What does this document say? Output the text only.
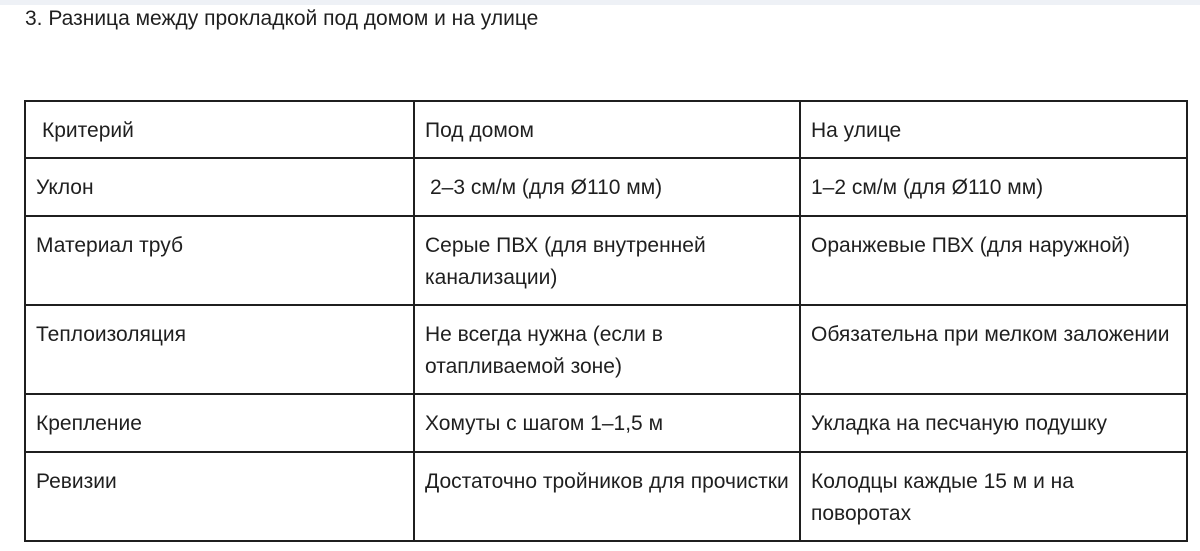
3. Разница между прокладкой под домом и на улице
Критерий	Под домом	На улице
Уклон	2–3 см/м (для Ø110 мм)	1–2 см/м (для Ø110 мм)
Материал труб	Серые ПВХ (для внутренней канализации)	Оранжевые ПВХ (для наружной)
Теплоизоляция	Не всегда нужна (если в отапливаемой зоне)	Обязательна при мелком заложении
Крепление	Хомуты с шагом 1–1,5 м	Укладка на песчаную подушку
Ревизии	Достаточно тройников для прочистки	Колодцы каждые 15 м и на поворотах
